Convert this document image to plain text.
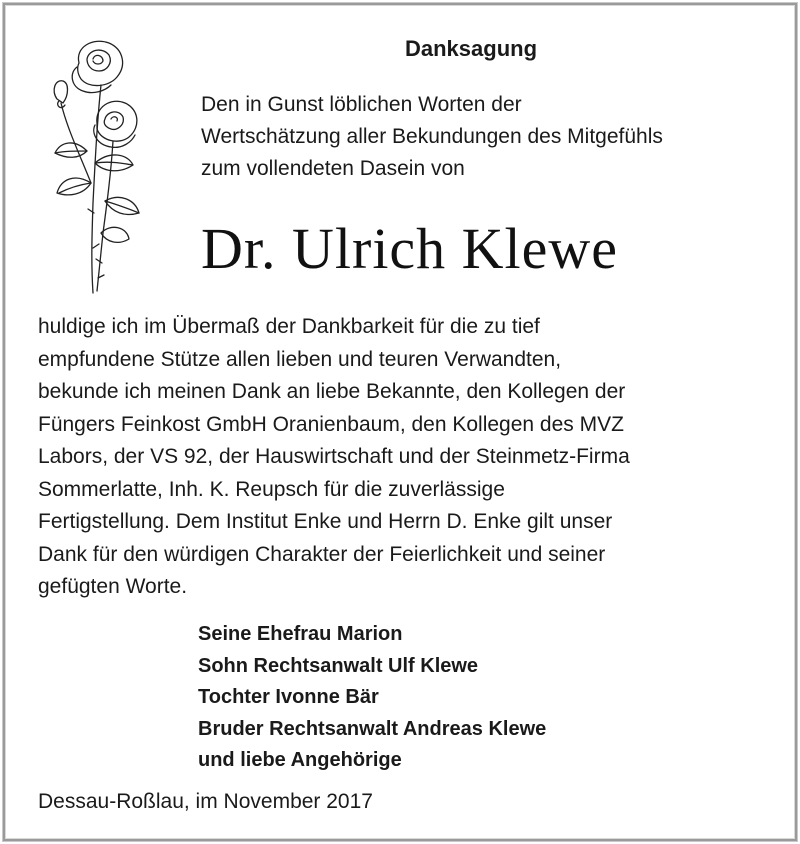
Danksagung
Den in Gunst löblichen Worten der
Wertschätzung aller Bekundungen des Mitgefühls
zum vollendeten Dasein von
Dr. Ulrich Klewe
huldige ich im Übermaß der Dankbarkeit für die zu tief
empfundene Stütze allen lieben und teuren Verwandten,
bekunde ich meinen Dank an liebe Bekannte, den Kollegen der
Füngers Feinkost GmbH Oranienbaum, den Kollegen des MVZ
Labors, der VS 92, der Hauswirtschaft und der Steinmetz-Firma
Sommerlatte, Inh. K. Reupsch für die zuverlässige
Fertigstellung. Dem Institut Enke und Herrn D. Enke gilt unser
Dank für den würdigen Charakter der Feierlichkeit und seiner
gefügten Worte.
Seine Ehefrau Marion
Sohn Rechtsanwalt Ulf Klewe
Tochter Ivonne Bär
Bruder Rechtsanwalt Andreas Klewe
und liebe Angehörige
Dessau-Roßlau, im November 2017
